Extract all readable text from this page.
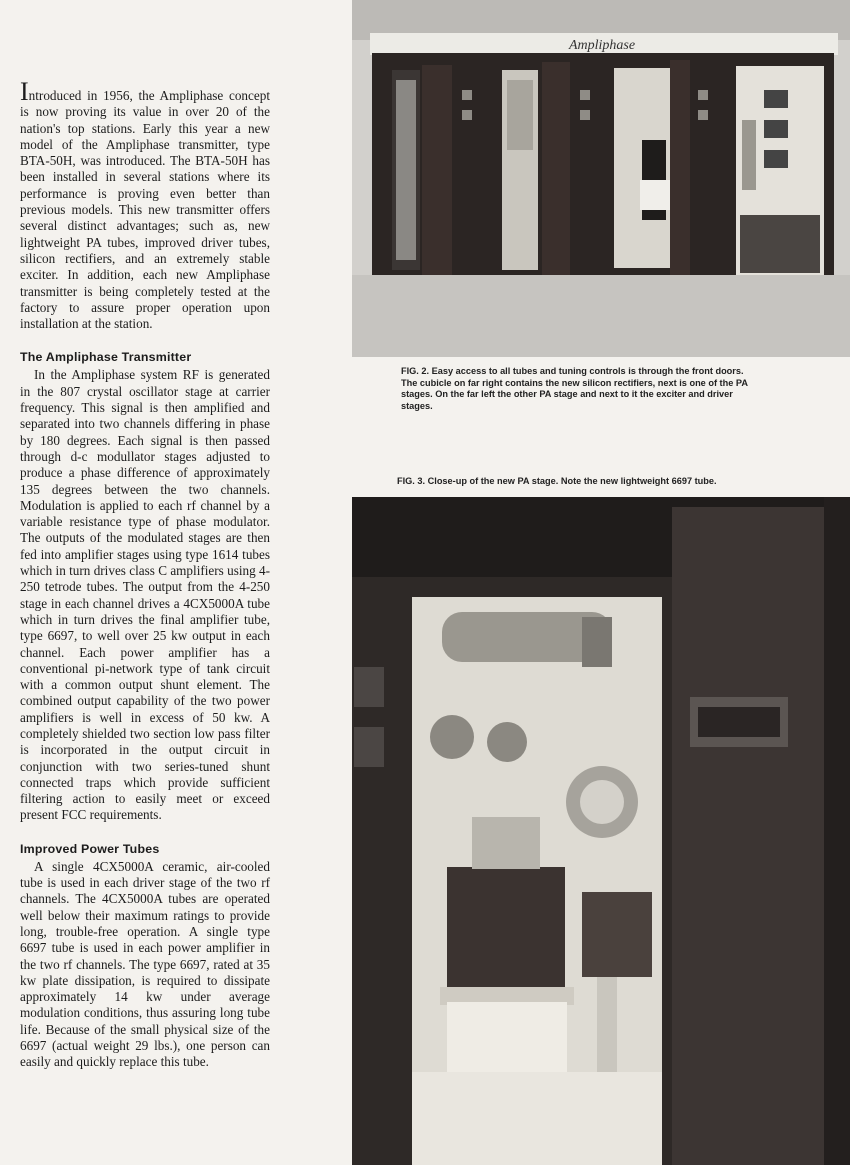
Introduced in 1956, the Ampliphase concept is now proving its value in over 20 of the nation's top stations. Early this year a new model of the Ampliphase transmitter, type BTA-50H, was introduced. The BTA-50H has been installed in several stations where its performance is proving even better than previous models. This new transmitter offers several distinct advantages; such as, new lightweight PA tubes, improved driver tubes, silicon rectifiers, and an extremely stable exciter. In addition, each new Ampliphase transmitter is being completely tested at the factory to assure proper operation upon installation at the station.

The Ampliphase Transmitter

In the Ampliphase system RF is generated in the 807 crystal oscillator stage at carrier frequency. This signal is then amplified and separated into two channels differing in phase by 180 degrees. Each signal is then passed through d-c modullator stages adjusted to produce a phase difference of approximately 135 degrees between the two channels. Modulation is applied to each rf channel by a variable resistance type of phase modulator. The outputs of the modulated stages are then fed into amplifier stages using type 1614 tubes which in turn drives class C amplifiers using 4-250 tetrode tubes. The output from the 4-250 stage in each channel drives a 4CX5000A tube which in turn drives the final amplifier tube, type 6697, to well over 25 kw output in each channel. Each power amplifier has a conventional pi-network type of tank circuit with a common output shunt element. The combined output capability of the two power amplifiers is well in excess of 50 kw. A completely shielded two section low pass filter is incorporated in the output circuit in conjunction with two series-tuned shunt connected traps which provide sufficient filtering action to easily meet or exceed present FCC requirements.

Improved Power Tubes

A single 4CX5000A ceramic, air-cooled tube is used in each driver stage of the two rf channels. The 4CX5000A tubes are operated well below their maximum ratings to provide long, trouble-free operation. A single type 6697 tube is used in each power amplifier in the two rf channels. The type 6697, rated at 35 kw plate dissipation, is required to dissipate approximately 14 kw under average modulation conditions, thus assuring long tube life. Because of the small physical size of the 6697 (actual weight 29 lbs.), one person can easily and quickly replace this tube.

Ampliphase
FIG. 2. Easy access to all tubes and tuning controls is through the front doors. The cubicle on far right contains the new silicon rectifiers, next is one of the PA stages. On the far left the other PA stage and next to it the exciter and driver stages.
FIG. 3. Close-up of the new PA stage. Note the new lightweight 6697 tube.
